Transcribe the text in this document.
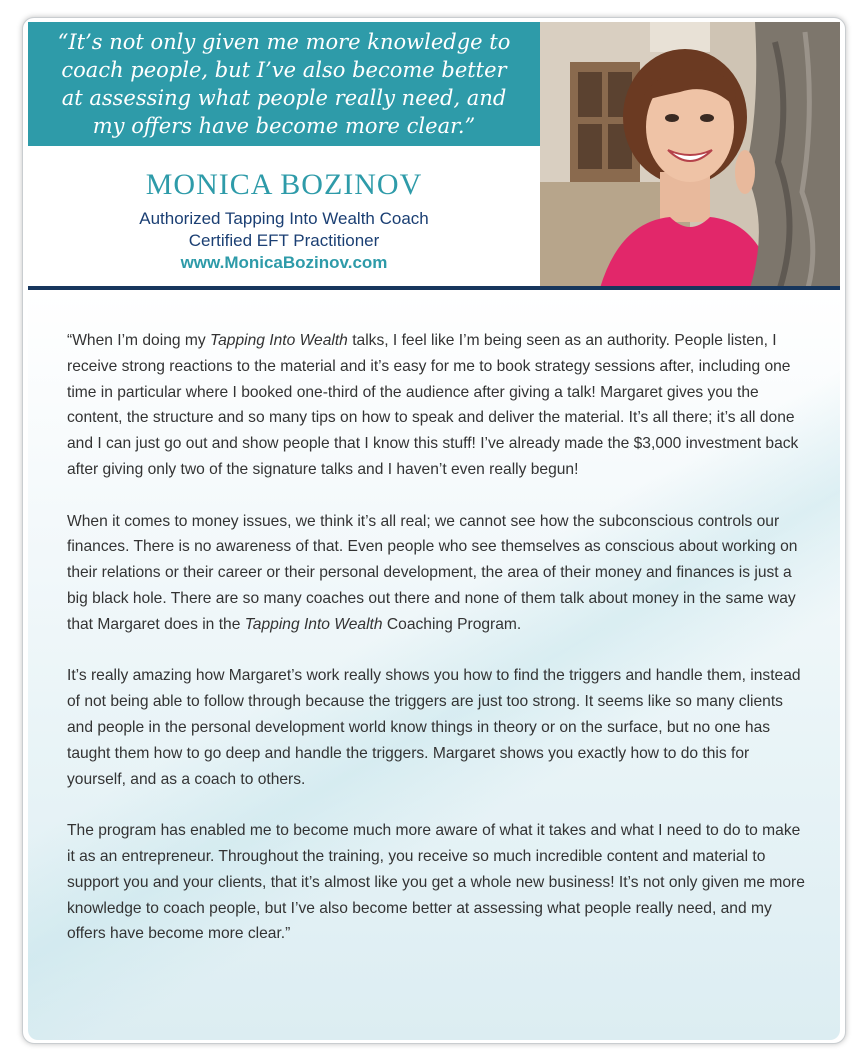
“It’s not only given me more knowledge to coach people, but I’ve also become better at assessing what people really need, and my offers have become more clear.”

MONICA BOZINOV

Authorized Tapping Into Wealth Coach

Certified EFT Practitioner

www.MonicaBozinov.com

“When I’m doing my Tapping Into Wealth talks, I feel like I’m being seen as an authority. People listen, I receive strong reactions to the material and it’s easy for me to book strategy sessions after, including one time in particular where I booked one-third of the audience after giving a talk! Margaret gives you the content, the structure and so many tips on how to speak and deliver the material. It’s all there; it’s all done and I can just go out and show people that I know this stuff! I’ve already made the $3,000 investment back after giving only two of the signature talks and I haven’t even really begun!

When it comes to money issues, we think it’s all real; we cannot see how the subconscious controls our finances. There is no awareness of that. Even people who see themselves as conscious about working on their relations or their career or their personal development, the area of their money and finances is just a big black hole. There are so many coaches out there and none of them talk about money in the same way that Margaret does in the Tapping Into Wealth Coaching Program.

It’s really amazing how Margaret’s work really shows you how to find the triggers and handle them, instead of not being able to follow through because the triggers are just too strong. It seems like so many clients and people in the personal development world know things in theory or on the surface, but no one has taught them how to go deep and handle the triggers. Margaret shows you exactly how to do this for yourself, and as a coach to others.

The program has enabled me to become much more aware of what it takes and what I need to do to make it as an entrepreneur. Throughout the training, you receive so much incredible content and material to support you and your clients, that it’s almost like you get a whole new business! It’s not only given me more knowledge to coach people, but I’ve also become better at assessing what people really need, and my offers have become more clear.”
